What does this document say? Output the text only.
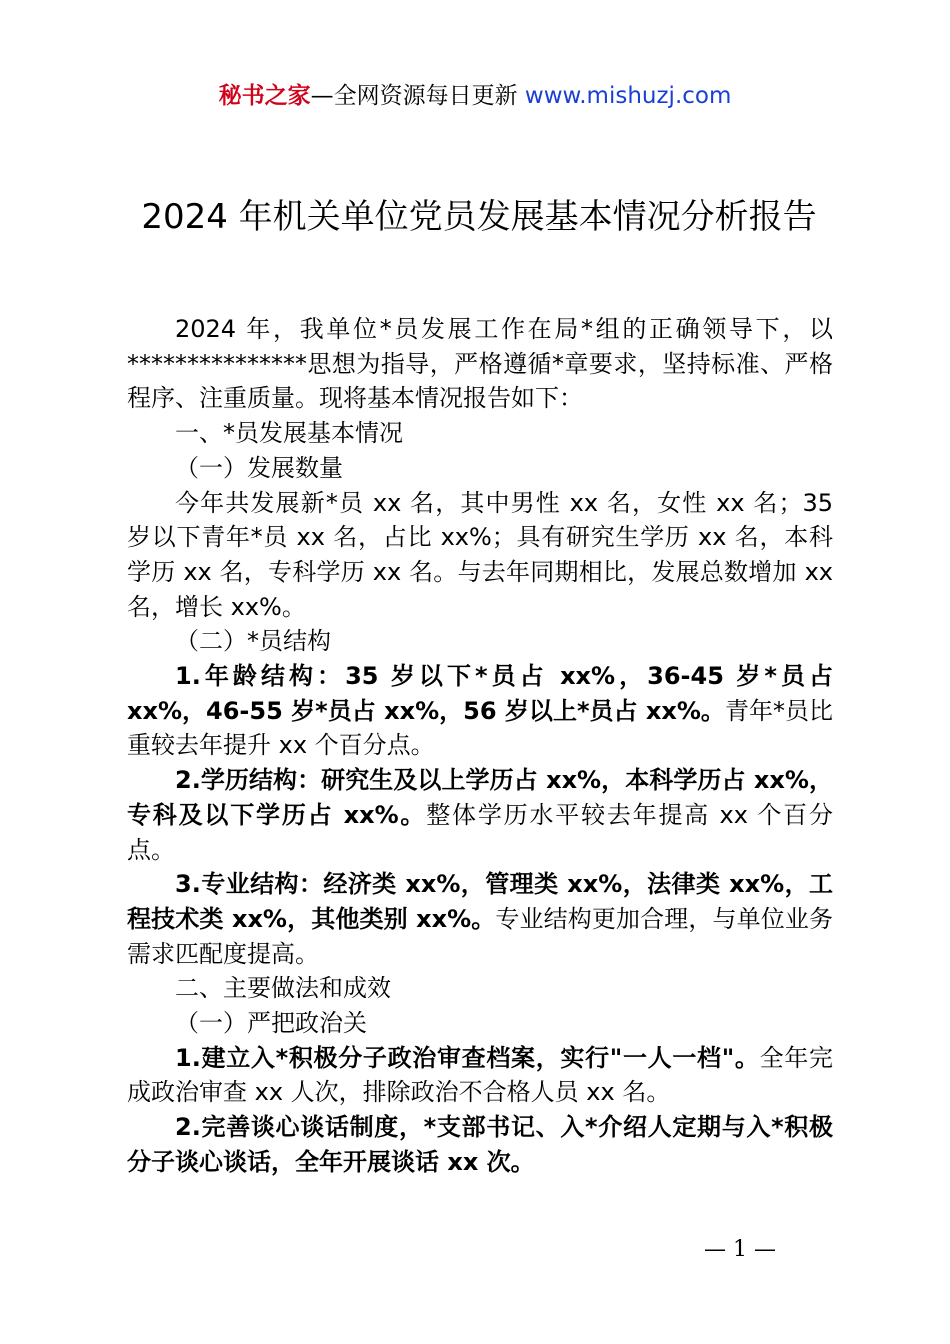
秘书之家—全网资源每日更新 www.mishuzj.com
2024 年机关单位党员发展基本情况分析报告

2024 年，我单位*员发展工作在局*组的正确领导下，以***************思想为指导，严格遵循*章要求，坚持标准、严格程序、注重质量。现将基本情况报告如下：

一、*员发展基本情况

（一）发展数量

今年共发展新*员 xx 名，其中男性 xx 名，女性 xx 名；35 岁以下青年*员 xx 名，占比 xx%；具有研究生学历 xx 名，本科学历 xx 名，专科学历 xx 名。与去年同期相比，发展总数增加 xx 名，增长 xx%。

（二）*员结构

1.年龄结构：35 岁以下*员占 xx%，36-45 岁*员占 xx%，46-55 岁*员占 xx%，56 岁以上*员占 xx%。青年*员比重较去年提升 xx 个百分点。

2.学历结构：研究生及以上学历占 xx%，本科学历占 xx%，专科及以下学历占 xx%。整体学历水平较去年提高 xx 个百分点。

3.专业结构：经济类 xx%，管理类 xx%，法律类 xx%，工程技术类 xx%，其他类别 xx%。专业结构更加合理，与单位业务需求匹配度提高。

二、主要做法和成效

（一）严把政治关

1.建立入*积极分子政治审查档案，实行"一人一档"。全年完成政治审查 xx 人次，排除政治不合格人员 xx 名。

2.完善谈心谈话制度，*支部书记、入*介绍人定期与入*积极分子谈心谈话，全年开展谈话 xx 次。

— 1 —
